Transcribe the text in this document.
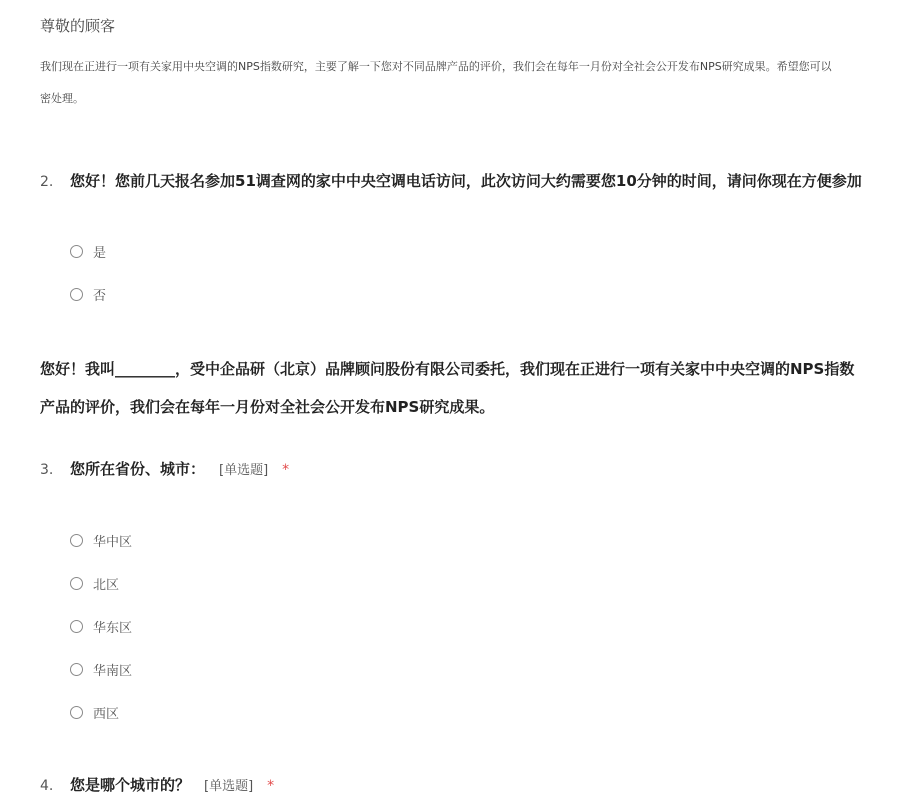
尊敬的顾客
我们现在正进行一项有关家用中央空调的NPS指数研究，主要了解一下您对不同品牌产品的评价，我们会在每年一月份对全社会公开发布NPS研究成果。希望您可以
密处理。
2.	您好！您前几天报名参加51调查网的家中中央空调电话访问，此次访问大约需要您10分钟的时间，请问你现在方便参加
是
否
您好！我叫________，受中企品研（北京）品牌顾问股份有限公司委托，我们现在正进行一项有关家中中央空调的NPS指数
产品的评价，我们会在每年一月份对全社会公开发布NPS研究成果。
3.	您所在省份、城市： [单选题] *
华中区
北区
华东区
华南区
西区
4.	您是哪个城市的？ [单选题] *
